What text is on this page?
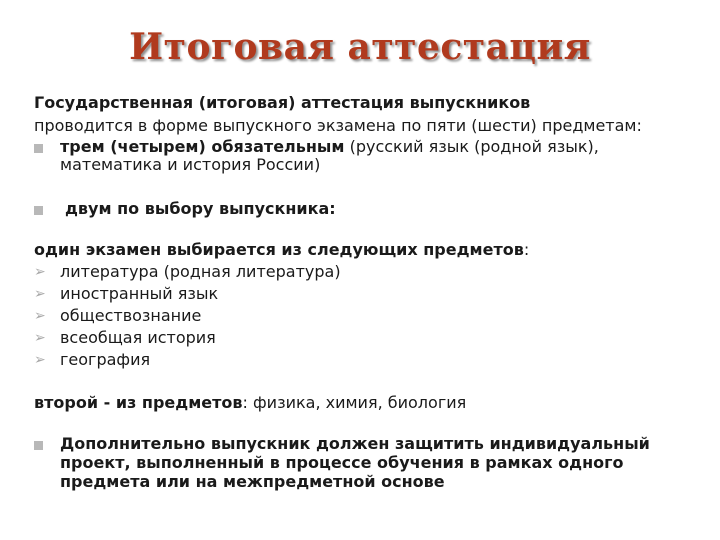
Итоговая аттестация
Государственная (итоговая) аттестация выпускников
проводится в форме выпускного экзамена по пяти (шести) предметам:
трем (четырем) обязательным (русский язык (родной язык),
математика и история России)
двум по выбору выпускника:
один экзамен выбирается из следующих предметов:
➢ литература (родная литература)
➢ иностранный язык
➢ обществознание
➢ всеобщая история
➢ география
второй - из предметов: физика, химия, биология
Дополнительно выпускник должен защитить индивидуальный
проект, выполненный в процессе обучения в рамках одного
предмета или на межпредметной основе
